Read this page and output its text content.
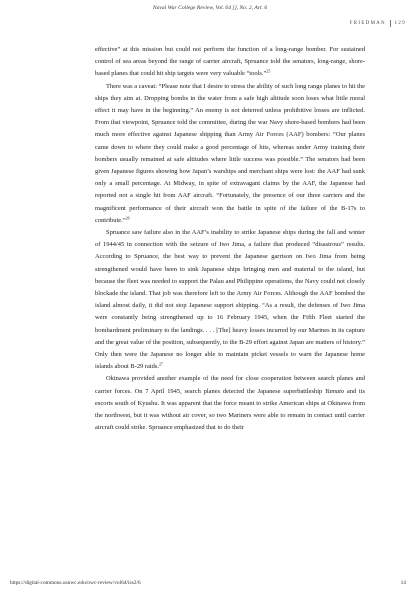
Naval War College Review, Vol. 64 [], No. 2, Art. 6
FRIEDMAN 129

effective” at this mission but could not perform the function of a long-range bomber. For sustained control of sea areas beyond the range of carrier aircraft, Spruance told the senators, long-range, shore-based planes that could hit ship targets were very valuable “tools.”$^{25}$

There was a caveat: “Please note that I desire to stress the ability of such long range planes to hit the ships they aim at. Dropping bombs in the water from a safe high altitude soon loses what little moral effect it may have in the beginning.” An enemy is not deterred unless prohibitive losses are inflicted. From that viewpoint, Spruance told the committee, during the war Navy shore-based bombers had been much more effective against Japanese shipping than Army Air Forces (AAF) bombers: “Our planes came down to where they could make a good percentage of hits, whereas under Army training their bombers usually remained at safe altitudes where little success was possible.” The senators had been given Japanese figures showing how Japan’s warships and merchant ships were lost: the AAF had sunk only a small percentage. At Midway, in spite of extravagant claims by the AAF, the Japanese had reported not a single hit from AAF aircraft. “Fortunately, the presence of our three carriers and the magnificent performance of their aircraft won the battle in spite of the failure of the B-17s to contribute.”$^{26}$

Spruance saw failure also in the AAF’s inability to strike Japanese ships during the fall and winter of 1944/45 in connection with the seizure of Iwo Jima, a failure that produced “disastrous” results. According to Spruance, the best way to prevent the Japanese garrison on Iwo Jima from being strengthened would have been to sink Japanese ships bringing men and material to the island, but because the fleet was needed to support the Palau and Philippine operations, the Navy could not closely blockade the island. That job was therefore left to the Army Air Forces. Although the AAF bombed the island almost daily, it did not stop Japanese support shipping. “As a result, the defenses of Iwo Jima were constantly being strengthened up to 16 February 1945, when the Fifth Fleet started the bombardment preliminary to the landings. . . . [The] heavy losses incurred by our Marines in its capture and the great value of the position, subsequently, to the B-29 effort against Japan are matters of history.” Only then were the Japanese no longer able to maintain picket vessels to warn the Japanese home islands about B-29 raids.$^{27}$

Okinawa provided another example of the need for close cooperation between search planes and carrier forces. On 7 April 1945, search planes detected the Japanese superbattleship Yamato and its escorts south of Kyushu. It was apparent that the force meant to strike American ships at Okinawa from the northwest, but it was without air cover, so two Mariners were able to remain in contact until carrier aircraft could strike. Spruance emphasized that to do their

https://digital-commons.usnwc.edu/nwc-review/vol64/iss2/6	14
